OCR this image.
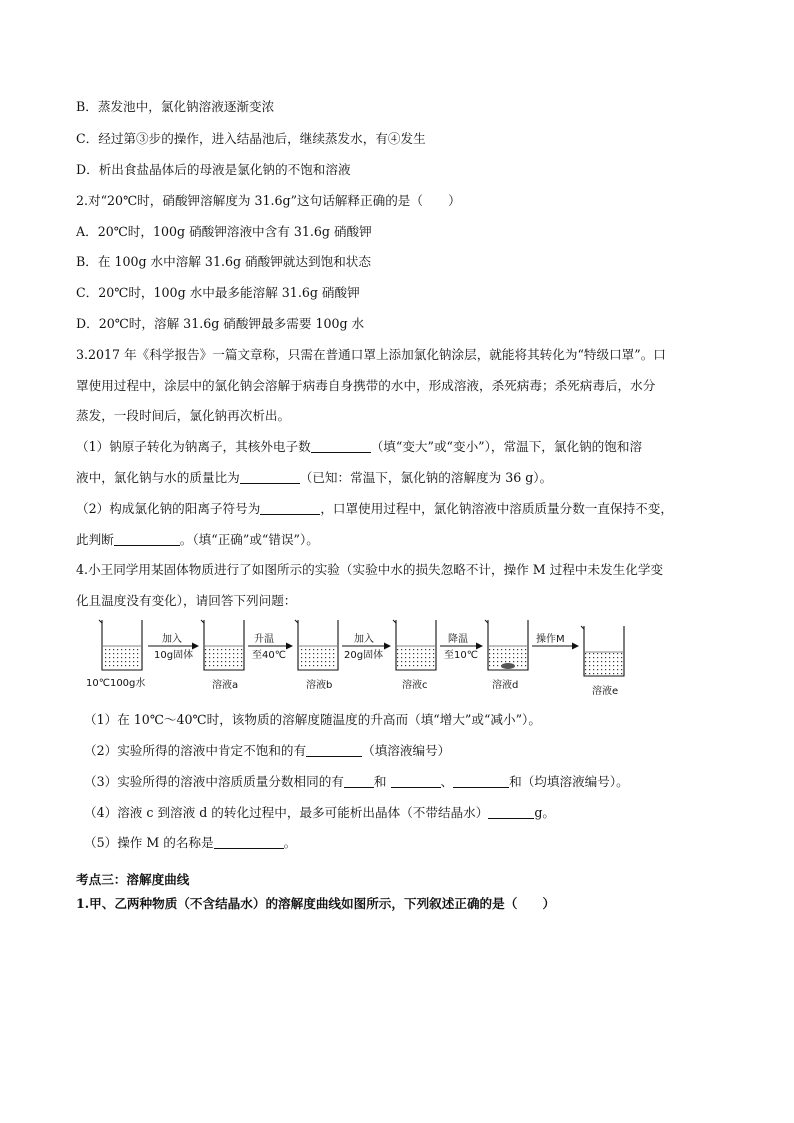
B．蒸发池中，氯化钠溶液逐渐变浓
C．经过第③步的操作，进入结晶池后，继续蒸发水，有④发生
D．析出食盐晶体后的母液是氯化钠的不饱和溶液
2.对“20℃时，硝酸钾溶解度为 31.6g”这句话解释正确的是（　　）
A．20℃时，100g 硝酸钾溶液中含有 31.6g 硝酸钾
B．在 100g 水中溶解 31.6g 硝酸钾就达到饱和状态
C．20℃时，100g 水中最多能溶解 31.6g 硝酸钾
D．20℃时，溶解 31.6g 硝酸钾最多需要 100g 水
3.2017 年《科学报告》一篇文章称，只需在普通口罩上添加氯化钠涂层，就能将其转化为“特级口罩”。口
罩使用过程中，涂层中的氯化钠会溶解于病毒自身携带的水中，形成溶液，杀死病毒；杀死病毒后，水分
蒸发，一段时间后，氯化钠再次析出。
（1）钠原子转化为钠离子，其核外电子数	（填“变大”或“变小”），常温下，氯化钠的饱和溶
液中，氯化钠与水的质量比为	（已知：常温下，氯化钠的溶解度为 36 g）。
（2）构成氯化钠的阳离子符号为	，口罩使用过程中，氯化钠溶液中溶质质量分数一直保持不变，
此判断	。（填“正确”或“错误”）。
4.小王同学用某固体物质进行了如图所示的实验（实验中水的损失忽略不计，操作 M 过程中未发生化学变
化且温度没有变化），请回答下列问题：
10℃100g水
加入
10g固体
溶液a
升温
至40℃
溶液b
加入
20g固体
溶液c
降温
至10℃
溶液d
操作M
溶液e
（1）在 10℃～40℃时，该物质的溶解度随温度的升高而（填“增大”或“减小”）。
（2）实验所得的溶液中肯定不饱和的有	（填溶液编号）
（3）实验所得的溶液中溶质质量分数相同的有 和	、	和（均填溶液编号）。
（4）溶液 c 到溶液 d 的转化过程中，最多可能析出晶体（不带结晶水）	g。
（5）操作 M 的名称是	。
考点三：溶解度曲线
1.甲、乙两种物质（不含结晶水）的溶解度曲线如图所示，下列叙述正确的是（　　）
